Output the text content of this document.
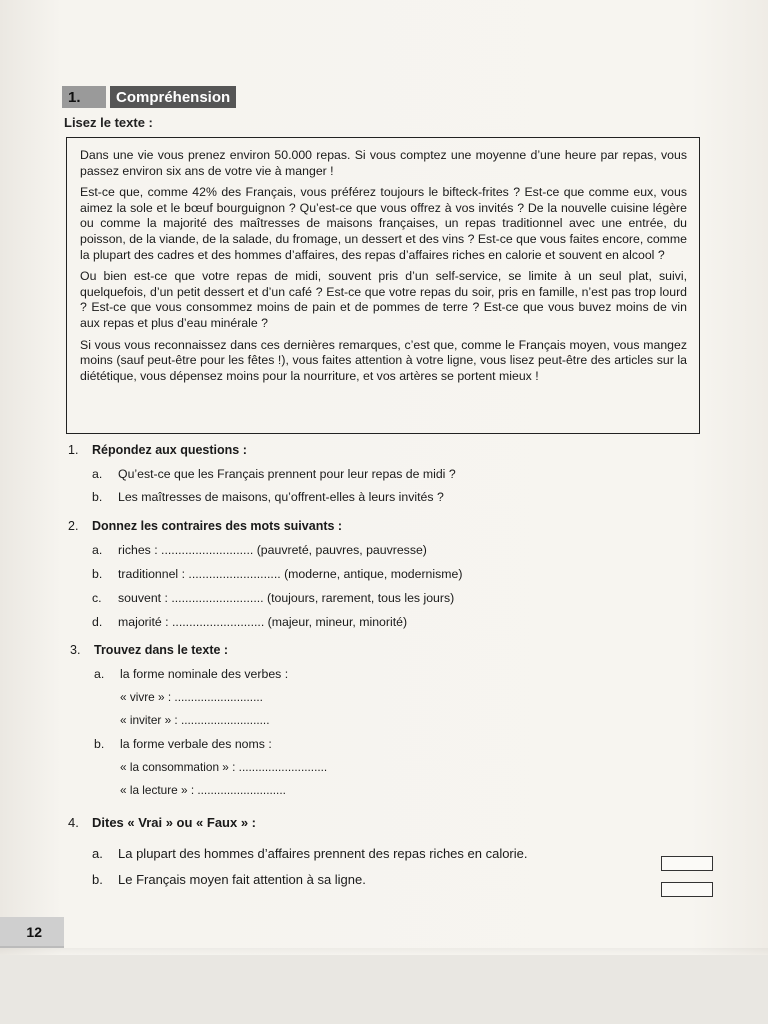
1.	Compréhension
Lisez le texte :

Dans une vie vous prenez environ 50.000 repas. Si vous comptez une moyenne d’une heure par repas, vous passez environ six ans de votre vie à manger !

Est-ce que, comme 42% des Français, vous préférez toujours le bifteck-frites ? Est-ce que comme eux, vous aimez la sole et le bœuf bourguignon ? Qu’est-ce que vous offrez à vos invités ? De la nouvelle cuisine légère ou comme la majorité des maîtresses de maisons françaises, un repas traditionnel avec une entrée, du poisson, de la viande, de la salade, du fromage, un dessert et des vins ? Est-ce que vous faites encore, comme la plupart des cadres et des hommes d’affaires, des repas d’affaires riches en calorie et souvent en alcool ?

Ou bien est-ce que votre repas de midi, souvent pris d’un self-service, se limite à un seul plat, suivi, quelquefois, d’un petit dessert et d’un café ? Est-ce que votre repas du soir, pris en famille, n’est pas trop lourd ? Est-ce que vous consommez moins de pain et de pommes de terre ? Est-ce que vous buvez moins de vin aux repas et plus d’eau minérale ?

Si vous vous reconnaissez dans ces dernières remarques, c’est que, comme le Français moyen, vous mangez moins (sauf peut-être pour les fêtes !), vous faites attention à votre ligne, vous lisez peut-être des articles sur la diététique, vous dépensez moins pour la nourriture, et vos artères se portent mieux !

1. Répondez aux questions :
a. Qu’est-ce que les Français prennent pour leur repas de midi ?
b. Les maîtresses de maisons, qu’offrent-elles à leurs invités ?
2. Donnez les contraires des mots suivants :
a. riches : ........................... (pauvreté, pauvres, pauvresse)
b. traditionnel : ........................... (moderne, antique, modernisme)
c. souvent : ........................... (toujours, rarement, tous les jours)
d. majorité : ........................... (majeur, mineur, minorité)
3. Trouvez dans le texte :
a. la forme nominale des verbes :
« vivre » : ...........................
« inviter » : ...........................
b. la forme verbale des noms :
« la consommation » : ...........................
« la lecture » : ...........................
4. Dites « Vrai » ou « Faux » :
a. La plupart des hommes d’affaires prennent des repas riches en calorie.
b. Le Français moyen fait attention à sa ligne.
12
